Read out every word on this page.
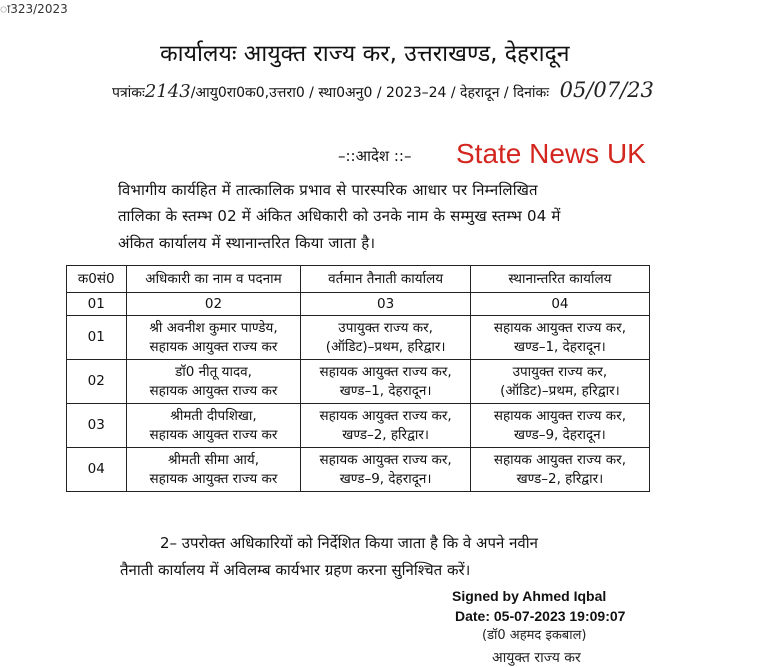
ा323/2023
कार्यालयः आयुक्त राज्य कर, उत्तराखण्ड, देहरादून
पत्रांकः2143/आयु0रा0क0,उत्तरा0 / स्था0अनु0 / 2023–24 / देहरादून / दिनांकः 05/07/23
–::आदेश ::– State News UK
विभागीय कार्यहित में तात्कालिक प्रभाव से पारस्परिक आधार पर निम्नलिखित
तालिका के स्तम्भ 02 में अंकित अधिकारी को उनके नाम के सम्मुख स्तम्भ 04 में
अंकित कार्यालय में स्थानान्तरित किया जाता है।
क0सं0	अधिकारी का नाम व पदनाम	वर्तमान तैनाती कार्यालय	स्थानान्तरित कार्यालय
01	02	03	04
01	श्री अवनीश कुमार पाण्डेय,
सहायक आयुक्त राज्य कर	उपायुक्त राज्य कर,
(ऑडिट)–प्रथम, हरिद्वार।	सहायक आयुक्त राज्य कर,
खण्ड–1, देहरादून।
02	डॉ0 नीतू यादव,
सहायक आयुक्त राज्य कर	सहायक आयुक्त राज्य कर,
खण्ड–1, देहरादून।	उपायुक्त राज्य कर,
(ऑडिट)–प्रथम, हरिद्वार।
03	श्रीमती दीपशिखा,
सहायक आयुक्त राज्य कर	सहायक आयुक्त राज्य कर,
खण्ड–2, हरिद्वार।	सहायक आयुक्त राज्य कर,
खण्ड–9, देहरादून।
04	श्रीमती सीमा आर्य,
सहायक आयुक्त राज्य कर	सहायक आयुक्त राज्य कर,
खण्ड–9, देहरादून।	सहायक आयुक्त राज्य कर,
खण्ड–2, हरिद्वार।
2– उपरोक्त अधिकारियों को निर्देशित किया जाता है कि वे अपने नवीन
तैनाती कार्यालय में अविलम्ब कार्यभार ग्रहण करना सुनिश्चित करें।
Signed by Ahmed Iqbal
Date: 05-07-2023 19:09:07
(डॉ0 अहमद इकबाल)
आयुक्त राज्य कर
